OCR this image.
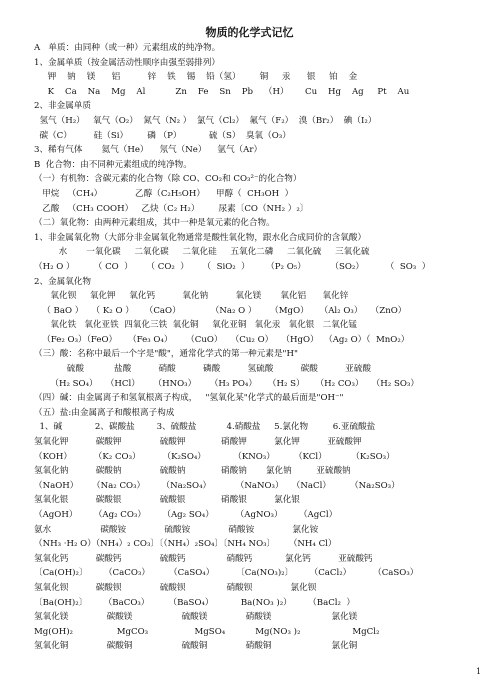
物质的化学式记忆
A   单质：由同种（或一种）元素组成的纯净物。
1、金属单质（按金属活动性顺序由强至弱排列）
钾    钠    镁      铝          锌    铁    锡    铅（氢）       铜     汞      银     铂    金
K    Ca    Na    Mg    Al           Zn    Fe    Sn    Pb    （H）      Cu    Hg    Ag     Pt    Au
2、非金属单质
氢气（H₂）   氧气（O₂）  氮气（N₂ ）  氯气（Cl₂）  氟气（F₂）  溴（Br₂）  碘（I₂）
碳（C）        硅（Si）       磷 （P）          硫（S）  臭氧（O₃）
3、稀有气体       氦气（He）    氖气（Ne）    氩气（Ar）
B  化合物：由不同种元素组成的纯净物。
（一）有机物：含碳元素的化合物（除 CO、CO₂和 CO₃²⁻的化合物）
甲烷   （CH₄）            乙醇（C₂H₅OH）    甲醇（  CH₃OH  ）
乙酸   （CH₃ COOH）   乙炔（C₂ H₂）       尿素〔CO（NH₂ ）₂〕
（二）氧化物：由两种元素组成，其中一种是氧元素的化合物。
1、非金属氧化物（大部分非金属氧化物通常是酸性氧化物，跟水化合成同价的含氧酸）
水       一氧化碳     二氧化碳     二氧化硅     五氧化二磷     二氧化硫     三氧化硫
（H₂ O ）       （ CO  ）     （ CO₂  ）     （  SiO₂  ）      （P₂ O₅）         （SO₂）        （  SO₃  ）
2、金属氧化物
氧化钡     氧化钾     氧化钙          氧化钠          氧化镁       氧化铝      氧化锌
（ BaO ）   （ K₂ O ）    （CaO）           （Na₂ O ）     （MgO）    （Al₂ O₃）   （ZnO）
氧化铁   氧化亚铁  四氧化三铁  氧化铜     氧化亚铜   氧化汞   氧化银   二氧化锰
（Fe₂ O₃）（FeO）    （Fe₃ O₄）     （CuO）   （Cu₂ O）   （HgO）  （Ag₂ O）（  MnO₂）
（三）酸：名称中最后一个字是"酸"，通常化学式的第一种元素是"H"
硫酸           盐酸          硝酸          磷酸          氢硫酸          碳酸          亚硫酸
（H₂ SO₄）   （HCl）     （HNO₃）     （H₃ PO₄）    （H₂ S）    （H₂ CO₃）   （H₂ SO₃）
（四）碱：由金属离子和氢氧根离子构成，   "氢氧化某"化学式的最后面是"OH⁻"
（五）盐:由金属离子和酸根离子构成
1、碱            2、碳酸盐        3、硫酸盐           4.硝酸盐     5.氯化物         6.亚硫酸盐
氢氧化钾          碳酸钾              硫酸钾             硝酸钾          氯化钾          亚硫酸钾
（KOH）        （K₂ CO₃）        （K₂SO₄）          （KNO₃）       （KCl）         （K₂SO₃）
氢氧化钠          碳酸钠              硫酸钠             硝酸钠       氯化钠         亚硫酸钠
（NaOH）     （Na₂ CO₃）      （Na₂SO₄）         （NaNO₃）   （NaCl）       （Na₂SO₃）
氢氧化银          碳酸银              硫酸银             硝酸银          氯化银
（AgOH）      （Ag₂ CO₃）      （Ag₂ SO₄）        （AgNO₃）      （AgCl）
氨水                  碳酸铵              硫酸铵              硝酸铵              氯化铵
（NH₃ ·H₂ O）（NH₄）₂ CO₃〕〔（NH₄）₂SO₄〕〔NH₄ NO₃〕     （NH₄ Cl）
氢氧化钙          碳酸钙              硫酸钙               硝酸钙            氯化钙          亚硫酸钙
〔Ca(OH)₂〕      （CaCO₃）       （CaSO₄）        〔Ca(NO₃)₂〕      （CaCl₂）        （CaSO₃）
氢氧化钡          碳酸钡              硫酸钡               硝酸钡              氯化钡
〔Ba(OH)₂〕      （BaCO₃）       （BaSO₄）          Ba(NO₃ )₂）      （BaCl₂  ）
氢氧化镁              碳酸镁                  硫酸镁              硝酸镁                      氯化镁
Mg(OH)₂                MgCO₃                 MgSO₄           Mg(NO₃ )₂                   MgCl₂
氢氧化铜              碳酸铜                  硫酸铜              硝酸铜                      氯化铜
1
